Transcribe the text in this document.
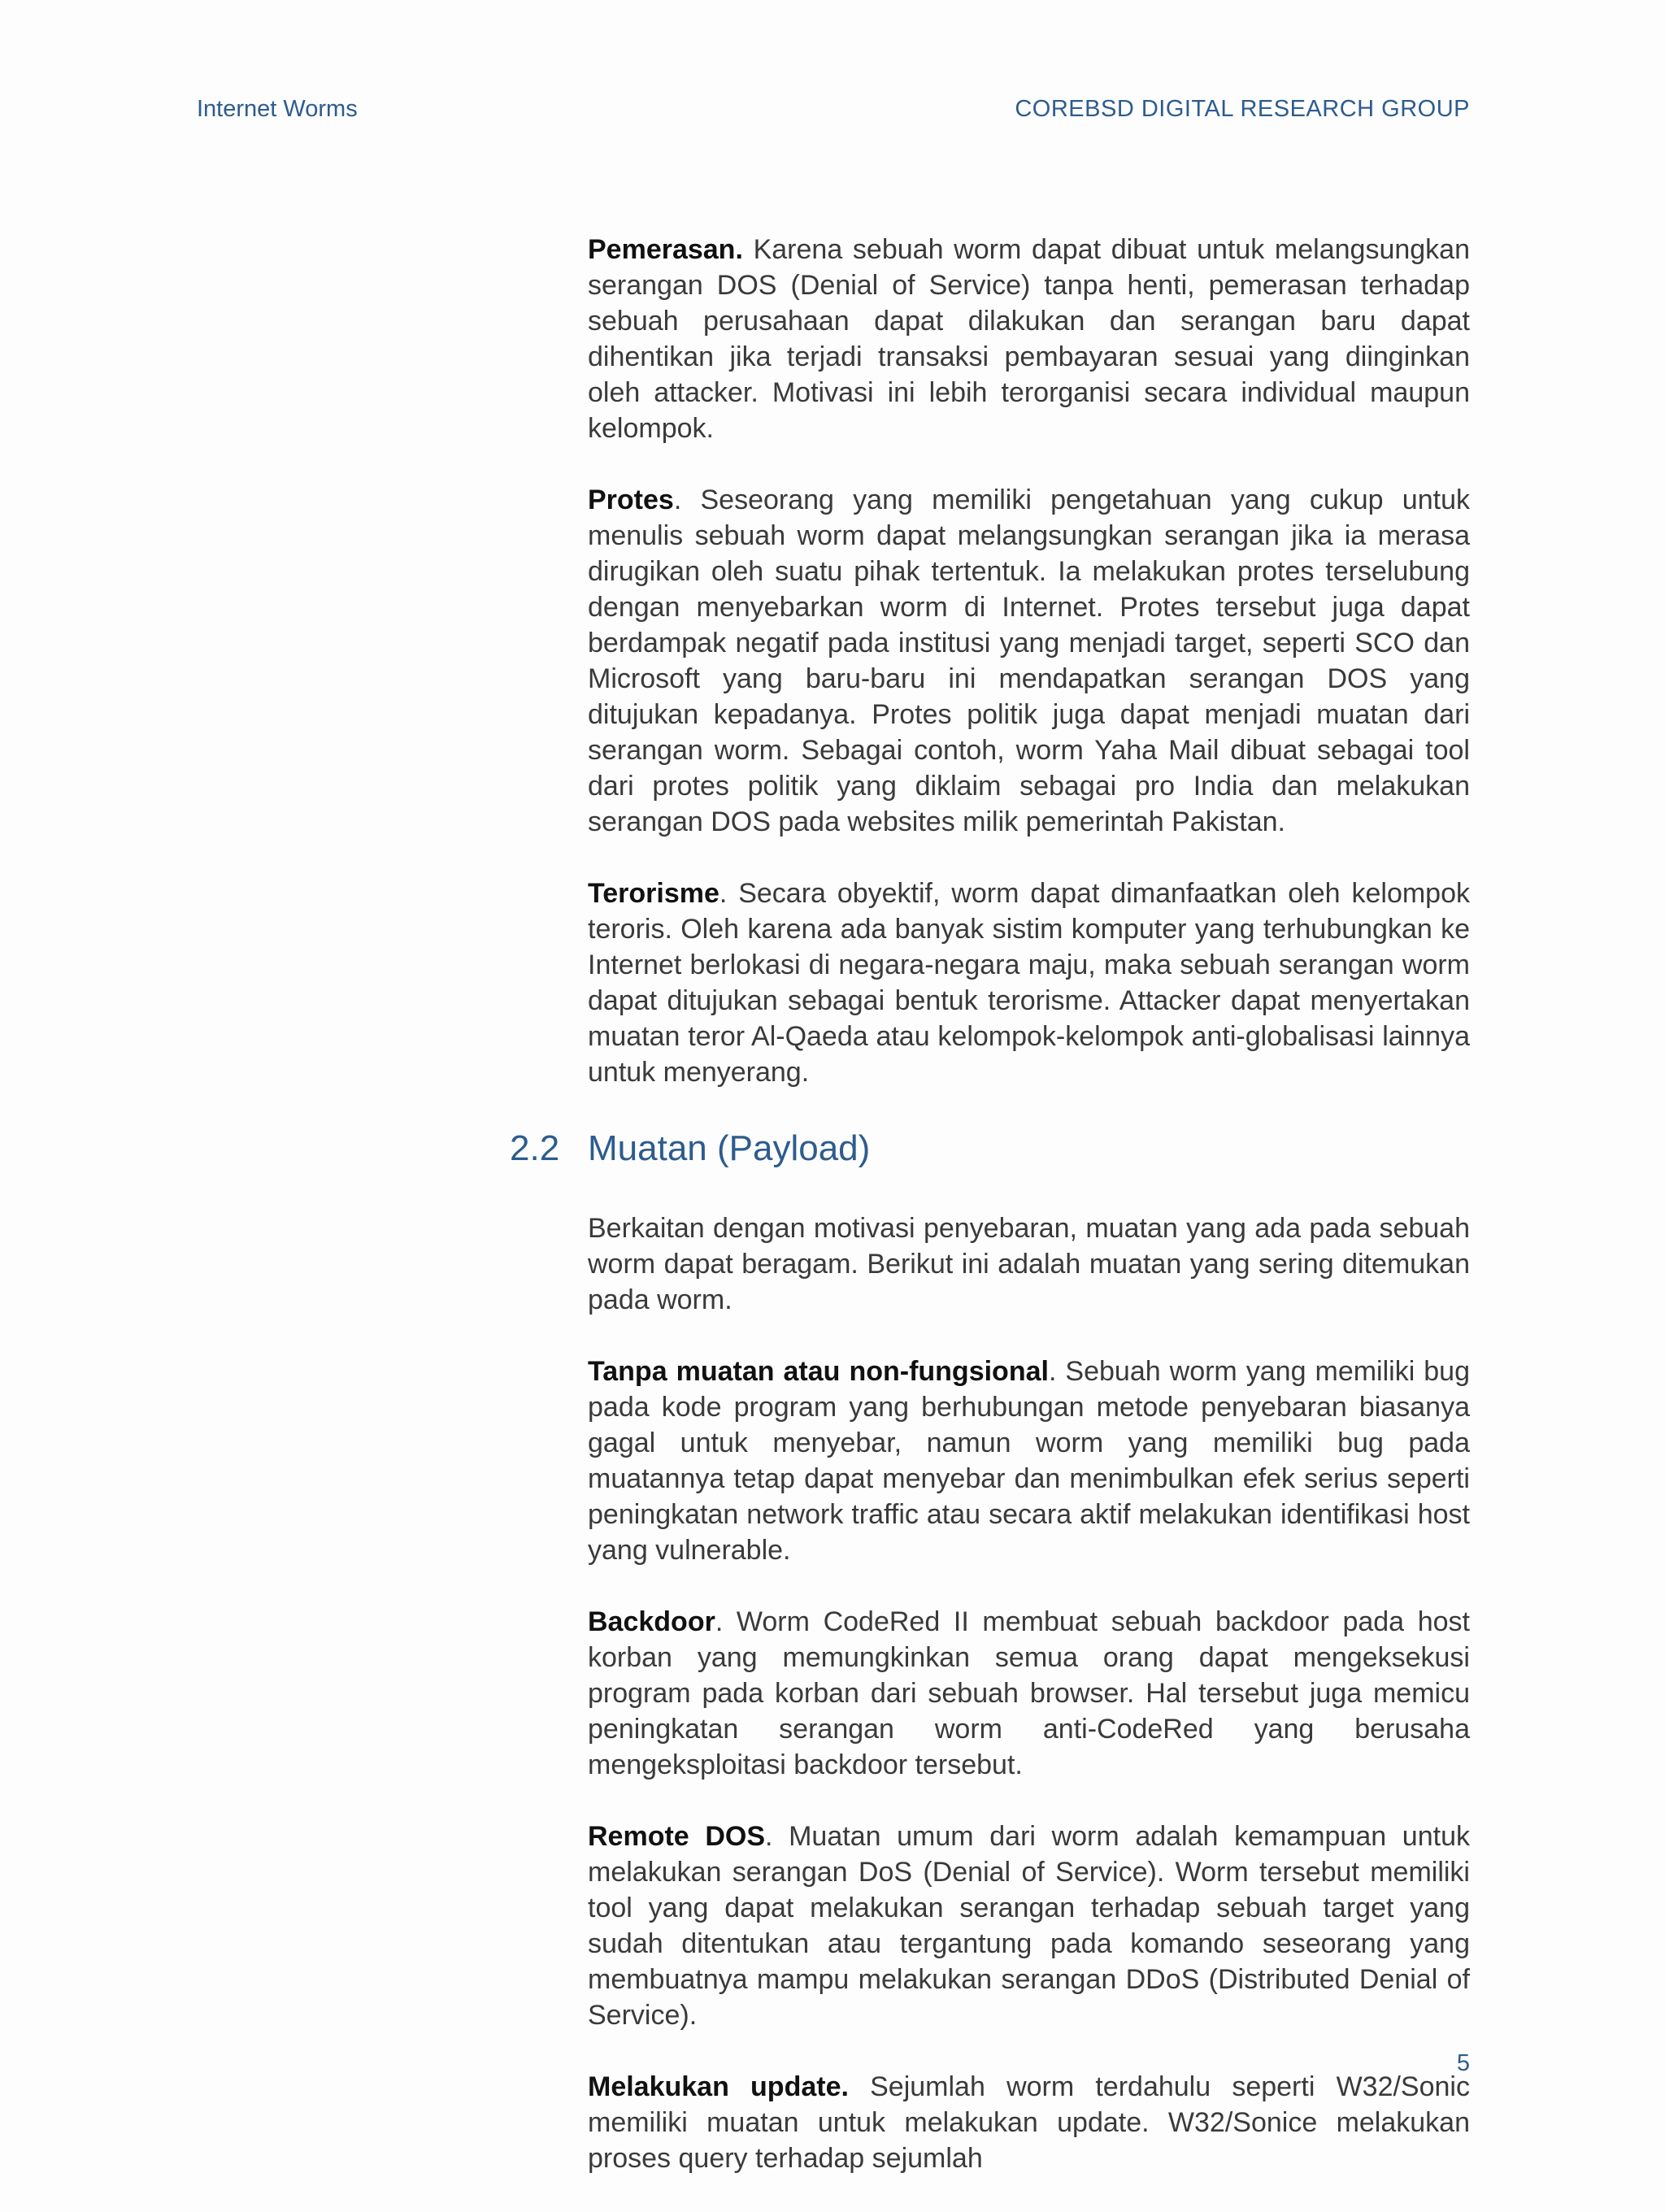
Internet Worms	COREBSD DIGITAL RESEARCH GROUP

Pemerasan. Karena sebuah worm dapat dibuat untuk melangsungkan serangan DOS (Denial of Service) tanpa henti, pemerasan terhadap sebuah perusahaan dapat dilakukan dan serangan baru dapat dihentikan jika terjadi transaksi pembayaran sesuai yang diinginkan oleh attacker. Motivasi ini lebih terorganisi secara individual maupun kelompok.

Protes. Seseorang yang memiliki pengetahuan yang cukup untuk menulis sebuah worm dapat melangsungkan serangan jika ia merasa dirugikan oleh suatu pihak tertentuk. Ia melakukan protes terselubung dengan menyebarkan worm di Internet. Protes tersebut juga dapat berdampak negatif pada institusi yang menjadi target, seperti SCO dan Microsoft yang baru-baru ini mendapatkan serangan DOS yang ditujukan kepadanya. Protes politik juga dapat menjadi muatan dari serangan worm. Sebagai contoh, worm Yaha Mail dibuat sebagai tool dari protes politik yang diklaim sebagai pro India dan melakukan serangan DOS pada websites milik pemerintah Pakistan.

Terorisme. Secara obyektif, worm dapat dimanfaatkan oleh kelompok teroris. Oleh karena ada banyak sistim komputer yang terhubungkan ke Internet berlokasi di negara-negara maju, maka sebuah serangan worm dapat ditujukan sebagai bentuk terorisme. Attacker dapat menyertakan muatan teror Al-Qaeda atau kelompok-kelompok anti-globalisasi lainnya untuk menyerang.

2.2 Muatan (Payload)

Berkaitan dengan motivasi penyebaran, muatan yang ada pada sebuah worm dapat beragam. Berikut ini adalah muatan yang sering ditemukan pada worm.

Tanpa muatan atau non-fungsional. Sebuah worm yang memiliki bug pada kode program yang berhubungan metode penyebaran biasanya gagal untuk menyebar, namun worm yang memiliki bug pada muatannya tetap dapat menyebar dan menimbulkan efek serius seperti peningkatan network traffic atau secara aktif melakukan identifikasi host yang vulnerable.

Backdoor. Worm CodeRed II membuat sebuah backdoor pada host korban yang memungkinkan semua orang dapat mengeksekusi program pada korban dari sebuah browser. Hal tersebut juga memicu peningkatan serangan worm anti-CodeRed yang berusaha mengeksploitasi backdoor tersebut.

Remote DOS. Muatan umum dari worm adalah kemampuan untuk melakukan serangan DoS (Denial of Service). Worm tersebut memiliki tool yang dapat melakukan serangan terhadap sebuah target yang sudah ditentukan atau tergantung pada komando seseorang yang membuatnya mampu melakukan serangan DDoS (Distributed Denial of Service).

Melakukan update. Sejumlah worm terdahulu seperti W32/Sonic memiliki muatan untuk melakukan update. W32/Sonice melakukan proses query terhadap sejumlah

5
